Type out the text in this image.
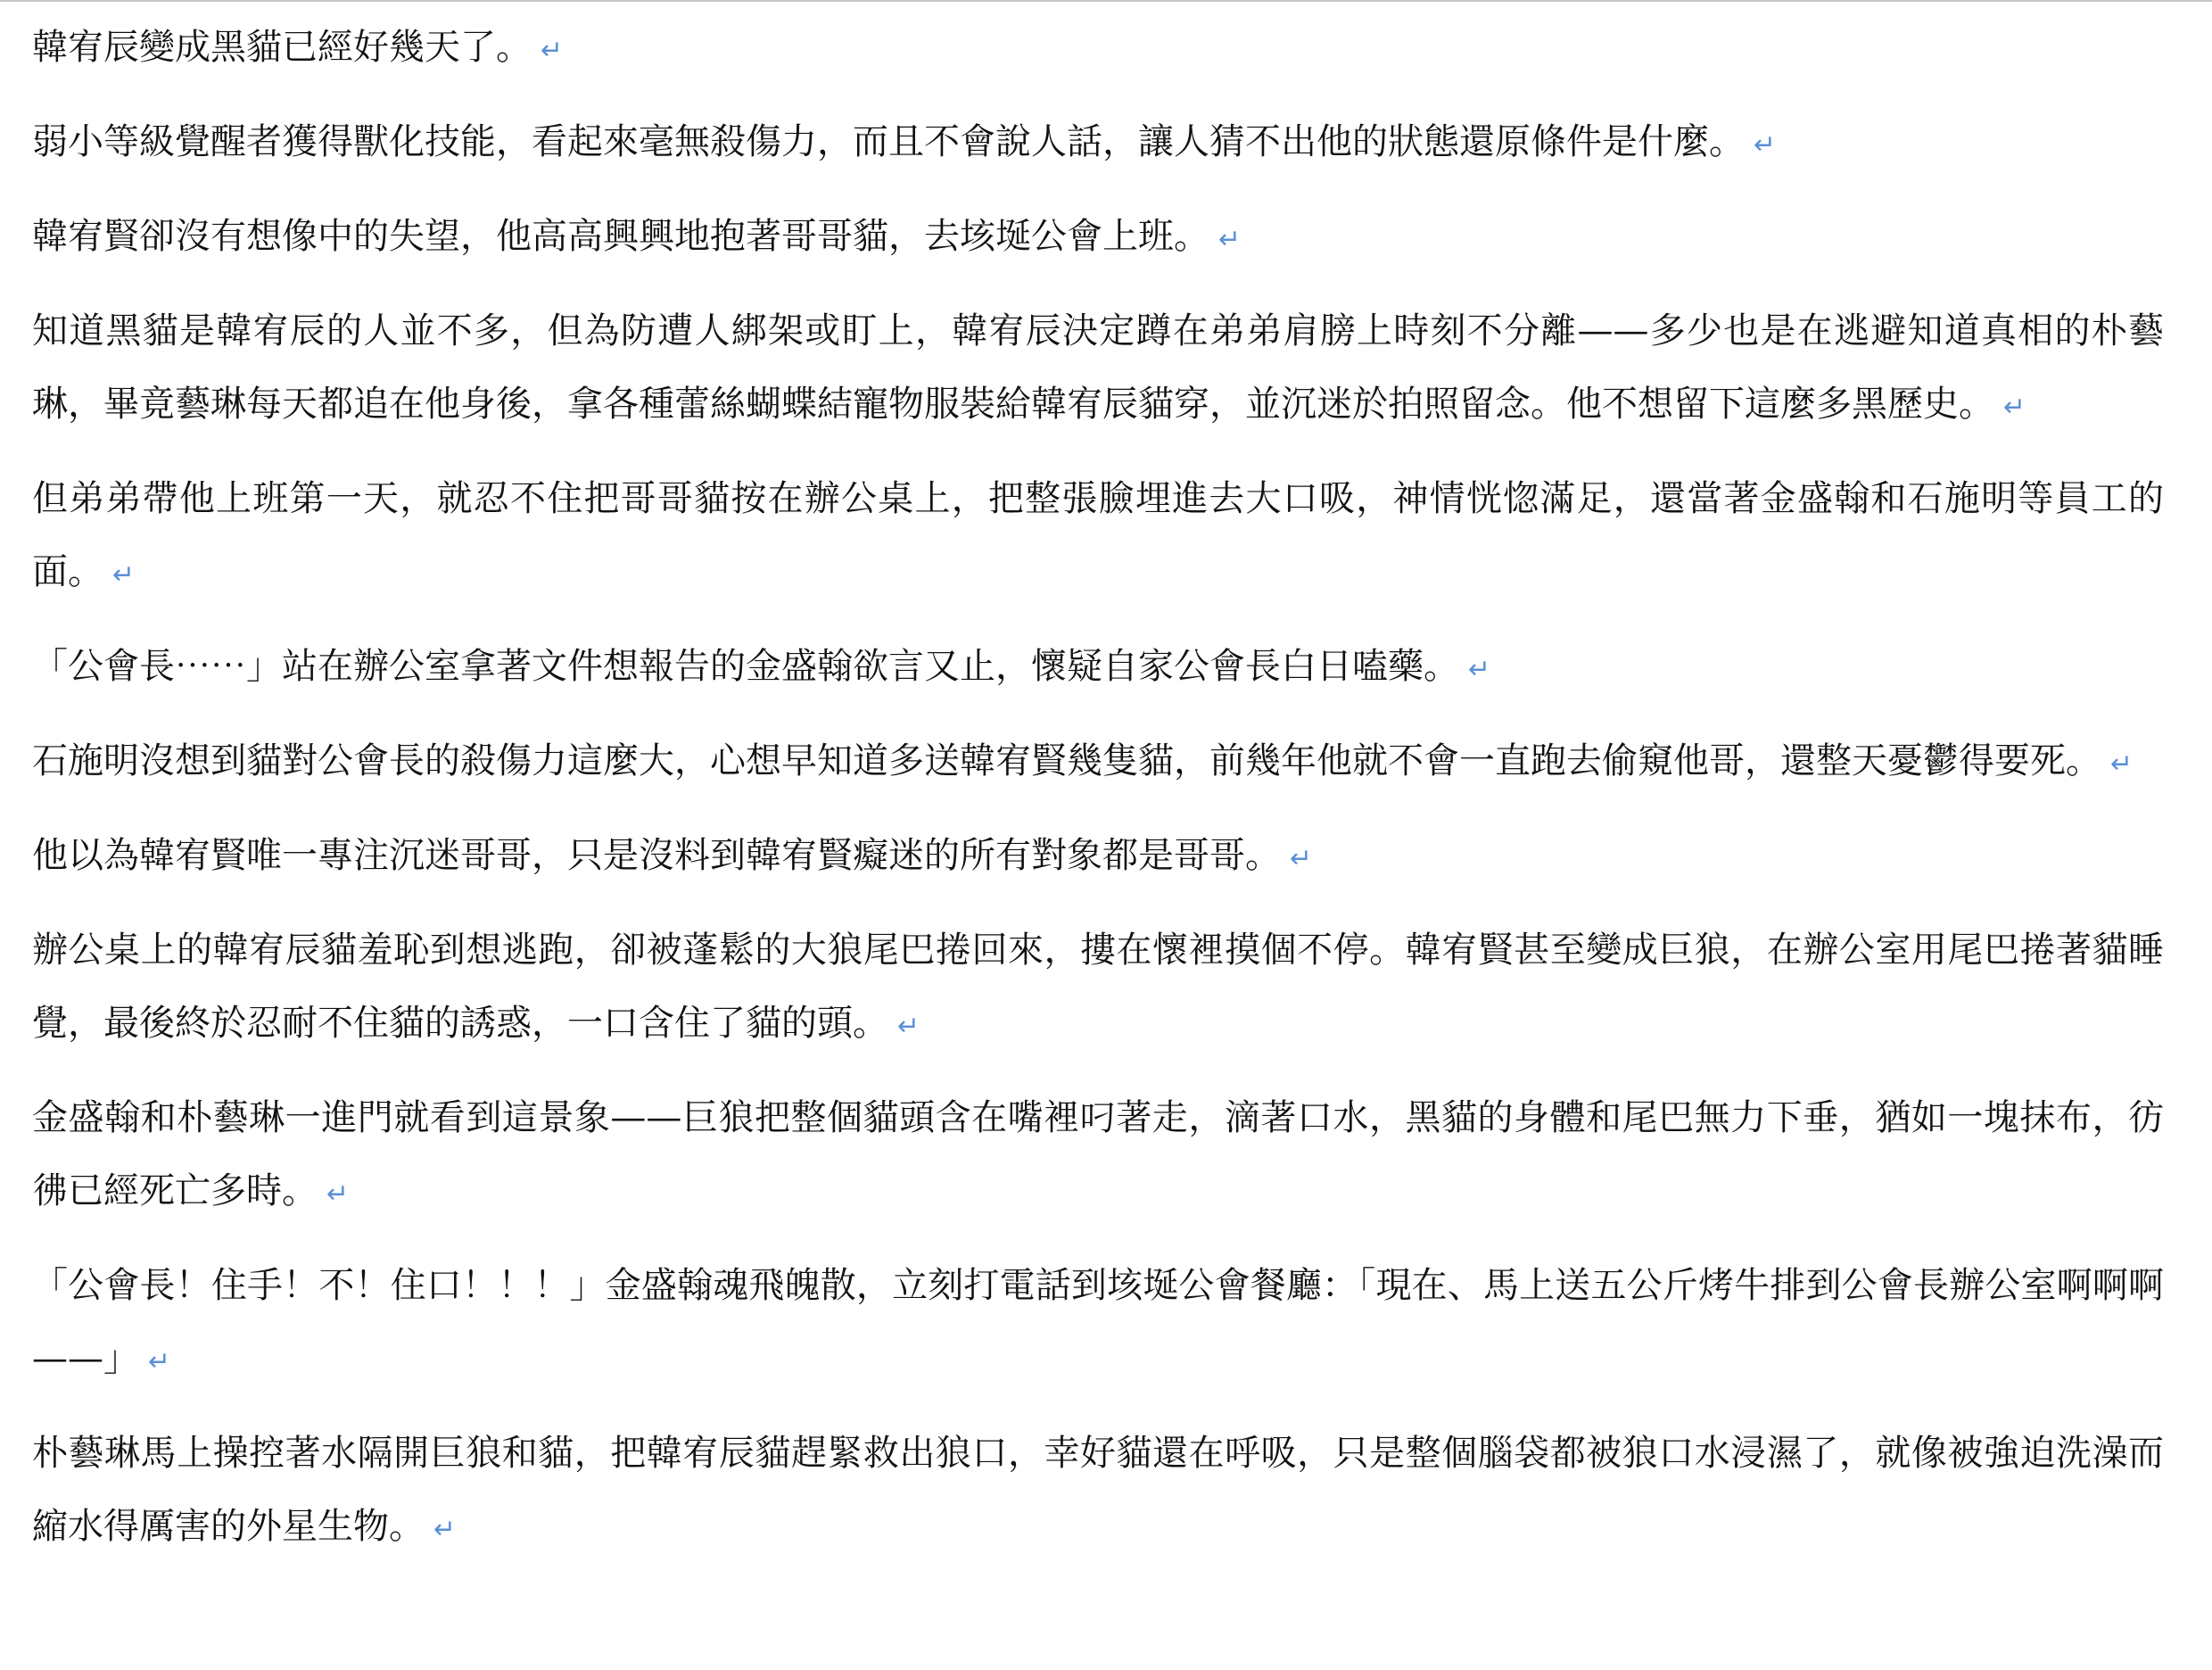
韓宥辰變成黑貓已經好幾天了。 ↵

弱小等級覺醒者獲得獸化技能，看起來毫無殺傷力，而且不會說人話，讓人猜不出他的狀態還原條件是什麼。 ↵

韓宥賢卻沒有想像中的失望，他高高興興地抱著哥哥貓，去垓埏公會上班。 ↵

知道黑貓是韓宥辰的人並不多，但為防遭人綁架或盯上，韓宥辰決定蹲在弟弟肩膀上時刻不分離——多少也是在逃避知道真相的朴藝琳，畢竟藝琳每天都追在他身後，拿各種蕾絲蝴蝶結寵物服裝給韓宥辰貓穿，並沉迷於拍照留念。他不想留下這麼多黑歷史。 ↵

但弟弟帶他上班第一天，就忍不住把哥哥貓按在辦公桌上，把整張臉埋進去大口吸，神情恍惚滿足，還當著金盛翰和石施明等員工的面。 ↵

「公會長⋯⋯」站在辦公室拿著文件想報告的金盛翰欲言又止，懷疑自家公會長白日嗑藥。 ↵

石施明沒想到貓對公會長的殺傷力這麼大，心想早知道多送韓宥賢幾隻貓，前幾年他就不會一直跑去偷窺他哥，還整天憂鬱得要死。 ↵

他以為韓宥賢唯一專注沉迷哥哥，只是沒料到韓宥賢癡迷的所有對象都是哥哥。 ↵

辦公桌上的韓宥辰貓羞恥到想逃跑，卻被蓬鬆的大狼尾巴捲回來，摟在懷裡摸個不停。韓宥賢甚至變成巨狼，在辦公室用尾巴捲著貓睡覺，最後終於忍耐不住貓的誘惑，一口含住了貓的頭。 ↵

金盛翰和朴藝琳一進門就看到這景象——巨狼把整個貓頭含在嘴裡叼著走，滴著口水，黑貓的身體和尾巴無力下垂，猶如一塊抹布，彷彿已經死亡多時。 ↵

「公會長！住手！不！住口！！！」金盛翰魂飛魄散，立刻打電話到垓埏公會餐廳：「現在、馬上送五公斤烤牛排到公會長辦公室啊啊啊——」 ↵

朴藝琳馬上操控著水隔開巨狼和貓，把韓宥辰貓趕緊救出狼口，幸好貓還在呼吸，只是整個腦袋都被狼口水浸濕了，就像被強迫洗澡而縮水得厲害的外星生物。 ↵
